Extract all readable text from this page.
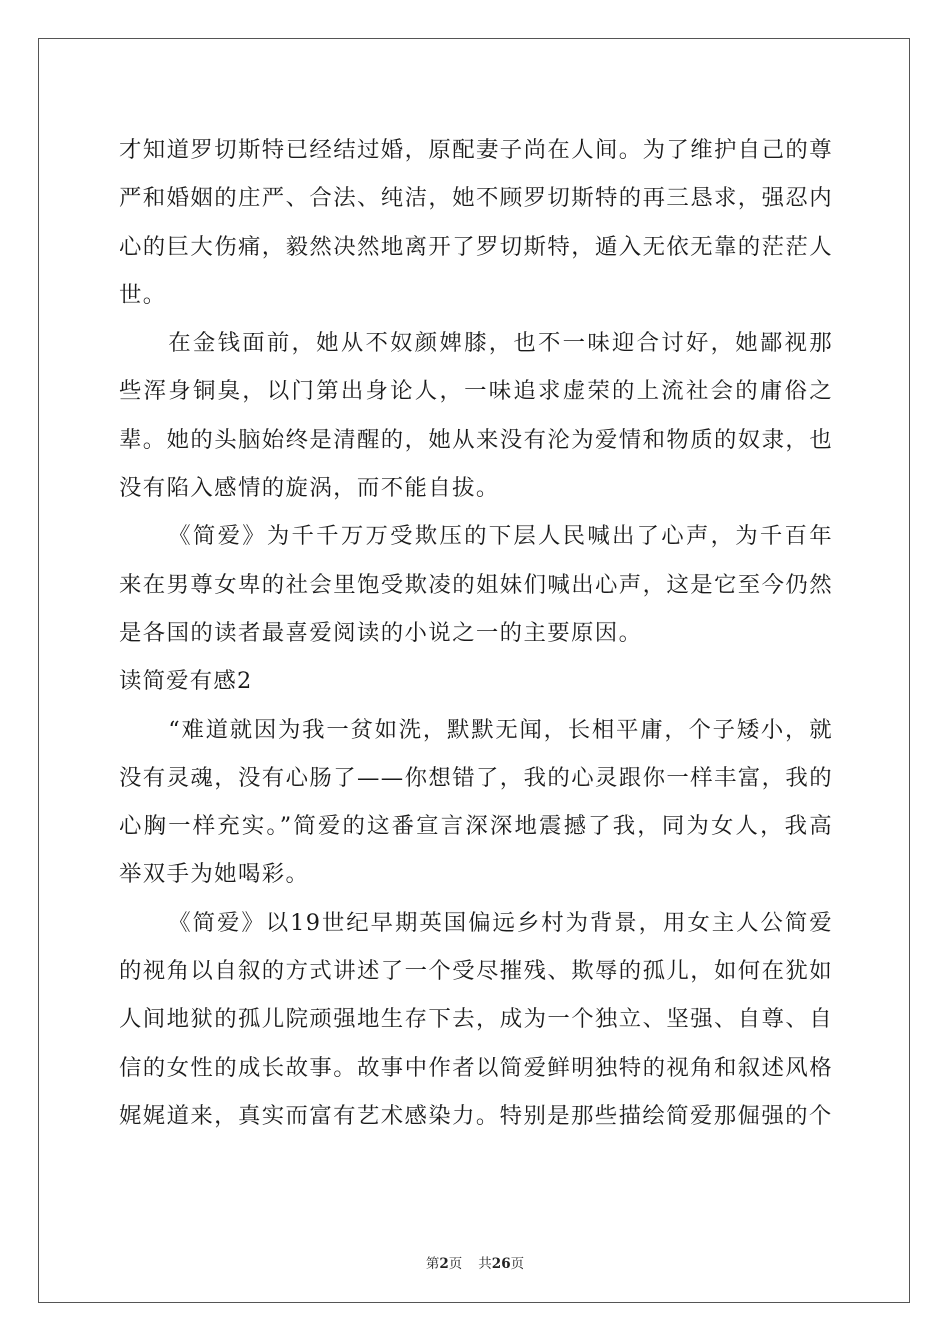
才知道罗切斯特已经结过婚，原配妻子尚在人间。为了维护自己的尊严和婚姻的庄严、合法、纯洁，她不顾罗切斯特的再三恳求，强忍内心的巨大伤痛，毅然决然地离开了罗切斯特，遁入无依无靠的茫茫人世。

在金钱面前，她从不奴颜婢膝，也不一味迎合讨好，她鄙视那些浑身铜臭，以门第出身论人，一味追求虚荣的上流社会的庸俗之辈。她的头脑始终是清醒的，她从来没有沦为爱情和物质的奴隶，也没有陷入感情的旋涡，而不能自拔。

《简爱》为千千万万受欺压的下层人民喊出了心声，为千百年来在男尊女卑的社会里饱受欺凌的姐妹们喊出心声，这是它至今仍然是各国的读者最喜爱阅读的小说之一的主要原因。

读简爱有感2

“难道就因为我一贫如洗，默默无闻，长相平庸，个子矮小，就没有灵魂，没有心肠了——你想错了，我的心灵跟你一样丰富，我的心胸一样充实。”简爱的这番宣言深深地震撼了我，同为女人，我高举双手为她喝彩。

《简爱》以19世纪早期英国偏远乡村为背景，用女主人公简爱的视角以自叙的方式讲述了一个受尽摧残、欺辱的孤儿，如何在犹如人间地狱的孤儿院顽强地生存下去，成为一个独立、坚强、自尊、自信的女性的成长故事。故事中作者以简爱鲜明独特的视角和叙述风格娓娓道来，真实而富有艺术感染力。特别是那些描绘简爱那倔强的个

第2页 共26页
